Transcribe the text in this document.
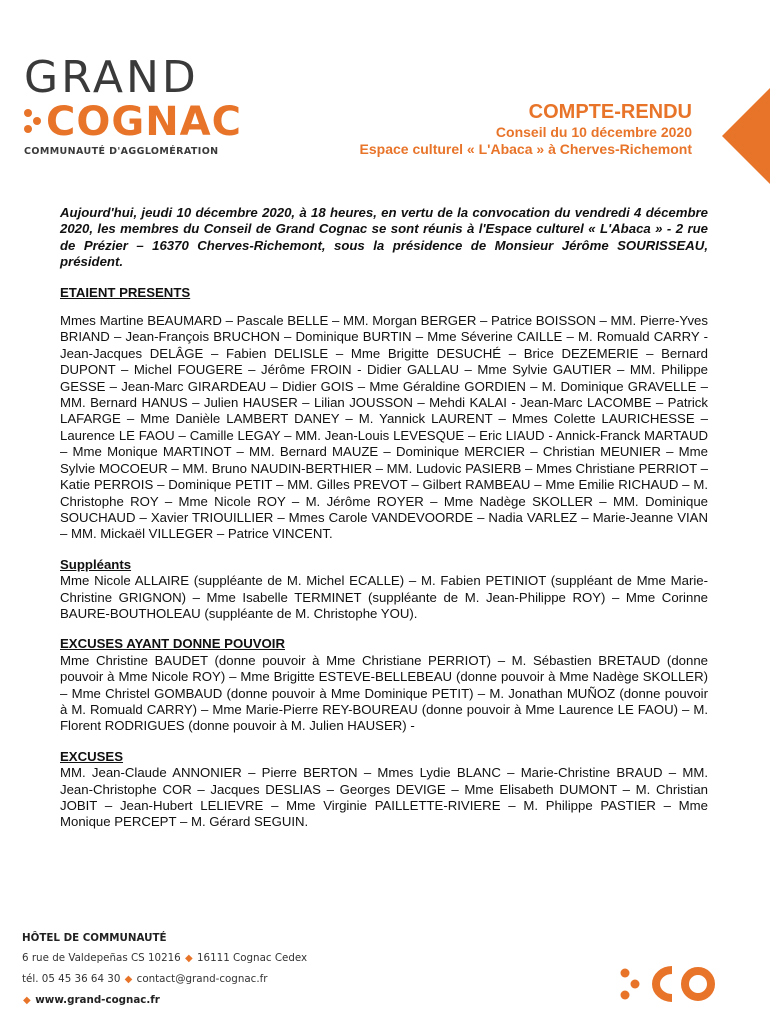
GRAND
COGNAC
COMMUNAUTÉ D'AGGLOMÉRATION
COMPTE-RENDU
Conseil du 10 décembre 2020
Espace culturel « L'Abaca » à Cherves-Richemont

Aujourd'hui, jeudi 10 décembre 2020, à 18 heures, en vertu de la convocation du vendredi 4 décembre 2020, les membres du Conseil de Grand Cognac se sont réunis à l'Espace culturel « L'Abaca » - 2 rue de Prézier – 16370 Cherves-Richemont, sous la présidence de Monsieur Jérôme SOURISSEAU, président.

ETAIENT PRESENTS

Mmes Martine BEAUMARD – Pascale BELLE – MM. Morgan BERGER – Patrice BOISSON – MM. Pierre-Yves BRIAND – Jean-François BRUCHON – Dominique BURTIN – Mme Séverine CAILLE – M. Romuald CARRY - Jean-Jacques DELÂGE – Fabien DELISLE – Mme Brigitte DESUCHÉ – Brice DEZEMERIE – Bernard DUPONT – Michel FOUGERE – Jérôme FROIN - Didier GALLAU – Mme Sylvie GAUTIER – MM. Philippe GESSE – Jean-Marc GIRARDEAU – Didier GOIS – Mme Géraldine GORDIEN – M. Dominique GRAVELLE – MM. Bernard HANUS – Julien HAUSER – Lilian JOUSSON – Mehdi KALAI - Jean-Marc LACOMBE – Patrick LAFARGE – Mme Danièle LAMBERT DANEY – M. Yannick LAURENT – Mmes Colette LAURICHESSE –Laurence LE FAOU – Camille LEGAY – MM. Jean-Louis LEVESQUE – Eric LIAUD - Annick-Franck MARTAUD – Mme Monique MARTINOT – MM. Bernard MAUZE – Dominique MERCIER – Christian MEUNIER – Mme Sylvie MOCOEUR – MM. Bruno NAUDIN-BERTHIER – MM. Ludovic PASIERB – Mmes Christiane PERRIOT – Katie PERROIS – Dominique PETIT – MM. Gilles PREVOT – Gilbert RAMBEAU – Mme Emilie RICHAUD – M. Christophe ROY – Mme Nicole ROY – M. Jérôme ROYER – Mme Nadège SKOLLER – MM. Dominique SOUCHAUD – Xavier TRIOUILLIER – Mmes Carole VANDEVOORDE – Nadia VARLEZ – Marie-Jeanne VIAN – MM. Mickaël VILLEGER – Patrice VINCENT.

Suppléants

Mme Nicole ALLAIRE (suppléante de M. Michel ECALLE) – M. Fabien PETINIOT (suppléant de Mme Marie-Christine GRIGNON) – Mme Isabelle TERMINET (suppléante de M. Jean-Philippe ROY) – Mme Corinne BAURE-BOUTHOLEAU (suppléante de M. Christophe YOU).

EXCUSES AYANT DONNE POUVOIR

Mme Christine BAUDET (donne pouvoir à Mme Christiane PERRIOT) – M. Sébastien BRETAUD (donne pouvoir à Mme Nicole ROY) – Mme Brigitte ESTEVE-BELLEBEAU (donne pouvoir à Mme Nadège SKOLLER) – Mme Christel GOMBAUD (donne pouvoir à Mme Dominique PETIT) – M. Jonathan MUÑOZ (donne pouvoir à M. Romuald CARRY) – Mme Marie-Pierre REY-BOUREAU (donne pouvoir à Mme Laurence LE FAOU) – M. Florent RODRIGUES (donne pouvoir à M. Julien HAUSER) -

EXCUSES

MM. Jean-Claude ANNONIER – Pierre BERTON – Mmes Lydie BLANC – Marie-Christine BRAUD – MM. Jean-Christophe COR – Jacques DESLIAS – Georges DEVIGE – Mme Elisabeth DUMONT – M. Christian JOBIT – Jean-Hubert LELIEVRE – Mme Virginie PAILLETTE-RIVIERE – M. Philippe PASTIER – Mme Monique PERCEPT – M. Gérard SEGUIN.

HÔTEL DE COMMUNAUTÉ
6 rue de Valdepeñas CS 10216 ◆ 16111 Cognac Cedex
tél. 05 45 36 64 30 ◆ contact@grand-cognac.fr
◆ www.grand-cognac.fr
